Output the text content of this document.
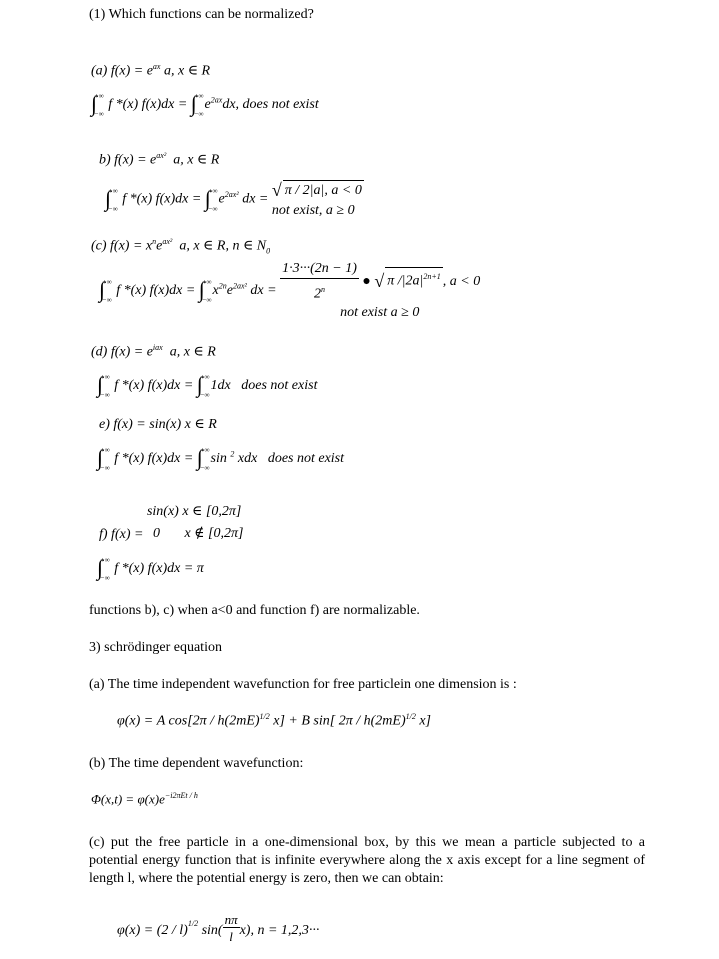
(1) Which functions can be normalized?
(a) $f(x) = e^{ax}$ a, x ∈ R
∫ +∞
−∞
f *(x) f(x)dx = ∫ +∞
−∞
$e^{2ax}dx$, does not exist
b) $f(x) = e^{ax^2}$ a, x ∈ R
∫ +∞
−∞
f *(x) f(x)dx = ∫ +∞
−∞
$e^{2ax^2}$ dx = √ π / 2|a|, a < 0
not exist, a ≥ 0
(c) $f(x) = x^ne^{ax^2}$ a, x ∈ R, n ∈ $N_0$
∫ +∞
−∞
f *(x) f(x)dx = ∫ +∞
−∞
$x^{2n}e^{2ax^2}$ dx = $\frac{1\cdot 3\cdot\cdot\cdot(2n - 1)}{2^n}$ ● √ π $/|2a|^{2n+1}$ , a < 0
not exist a ≥ 0
(d) $f(x) = e^{iax}$ a, x ∈ R
∫ +∞
−∞
f *(x) f(x)dx = ∫ +∞
−∞
1dx does not exist
e) f(x) = sin(x) x ∈ R
∫ +∞
−∞
f *(x) f(x)dx = ∫ +∞
−∞
sin $^2$ xdx does not exist
f) f(x) =
sin(x) x ∈ [0,2π]
0       x ∉ [0,2π]
∫ +∞
−∞
f *(x) f(x)dx = π
functions b), c) when a<0 and function f) are normalizable.
3) schrödinger equation
(a) The time independent wavefunction for free particlein one dimension is :
φ(x) = A $\cos[2\pi / h(2mE)^{1/2}$ x] + B sin[ $2\pi / h(2mE)^{1/2}$ x]
(b) The time dependent wavefunction:
$\Phi(x,t) = \varphi(x)e^{-i2\pi Et / h}$
(c) put the free particle in a one-dimensional box, by this we mean a particle subjected to a potential energy function that is infinite everywhere along the x axis except for a line segment of length l, where the potential energy is zero, then we can obtain:
φ(x) = (2 / l)$^{1/2}$ $\sin( \frac{n\pi}{l} x)$, n = 1,2,3···
